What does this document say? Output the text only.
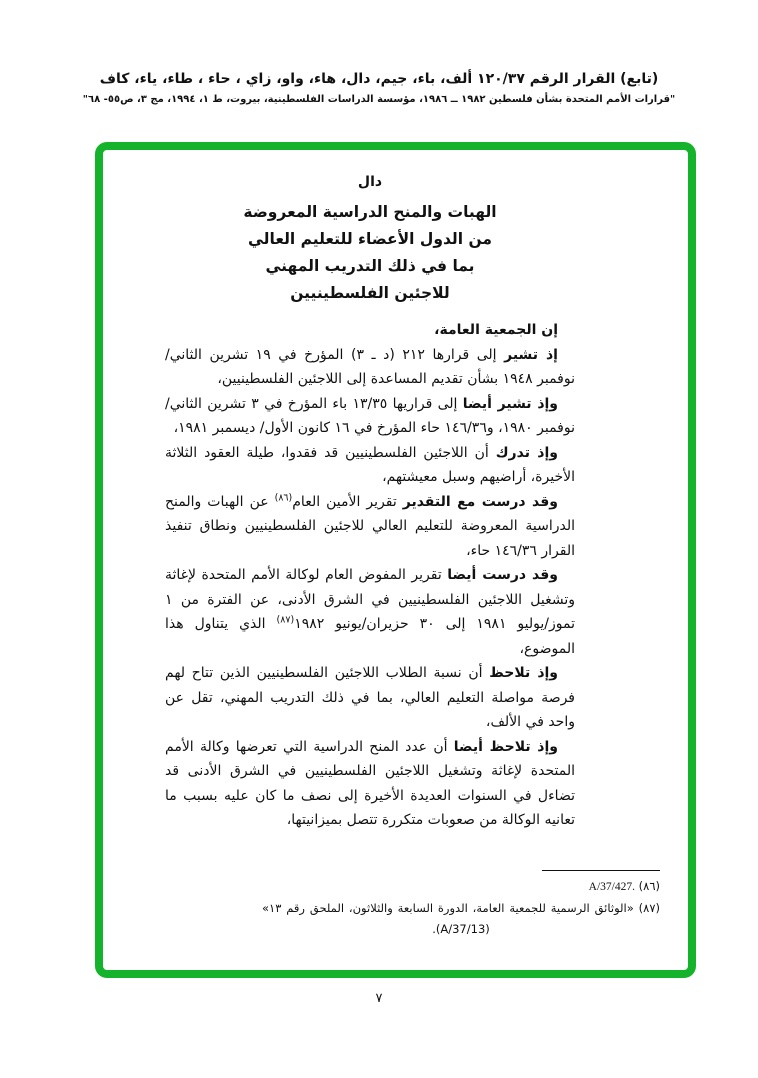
(تابع) القرار الرقم ١٢٠/٣٧ ألف، باء، جيم، دال، هاء، واو، زاي ، حاء ، طاء، ياء، كاف
"قرارات الأمم المتحدة بشأن فلسطين ١٩٨٢ ــ ١٩٨٦، مؤسسة الدراسات الفلسطينية، بيروت، ط ١، ١٩٩٤، مج ٣، ص٥٥- ٦٨"
دال
الهبات والمنح الدراسية المعروضة
من الدول الأعضاء للتعليم العالي
بما في ذلك التدريب المهني
للاجئين الفلسطينيين

إن الجمعية العامة،

إذ تشير إلى قرارها ٢١٢ (د ـ ٣) المؤرخ في ١٩ تشرين الثاني/ نوفمبر ١٩٤٨ بشأن تقديم المساعدة إلى اللاجئين الفلسطينيين،

وإذ تشير أيضا إلى قراريها ١٣/٣٥ باء المؤرخ في ٣ تشرين الثاني/ نوفمبر ١٩٨٠، و١٤٦/٣٦ حاء المؤرخ في ١٦ كانون الأول/ ديسمبر ١٩٨١،

وإذ تدرك أن اللاجئين الفلسطينيين قد فقدوا، طيلة العقود الثلاثة الأخيرة، أراضيهم وسبل معيشتهم،

وقد درست مع التقدير تقرير الأمين العام$^{(٨٦)}$ عن الهبات والمنح الدراسية المعروضة للتعليم العالي للاجئين الفلسطينيين ونطاق تنفيذ القرار ١٤٦/٣٦ حاء،

وقد درست أيضا تقرير المفوض العام لوكالة الأمم المتحدة لإغاثة وتشغيل اللاجئين الفلسطينيين في الشرق الأدنى، عن الفترة من ١ تموز/يوليو ١٩٨١ إلى ٣٠ حزيران/يونيو ١٩٨٢$^{(٨٧)}$ الذي يتناول هذا الموضوع،

وإذ تلاحظ أن نسبة الطلاب اللاجئين الفلسطينيين الذين تتاح لهم فرصة مواصلة التعليم العالي، بما في ذلك التدريب المهني، تقل عن واحد في الألف،

وإذ تلاحظ أيضا أن عدد المنح الدراسية التي تعرضها وكالة الأمم المتحدة لإغاثة وتشغيل اللاجئين الفلسطينيين في الشرق الأدنى قد تضاءل في السنوات العديدة الأخيرة إلى نصف ما كان عليه بسبب ما تعانيه الوكالة من صعوبات متكررة تتصل بميزانيتها،

(٨٦) A/37/427.
(٨٧) «الوثائق الرسمية للجمعية العامة، الدورة السابعة والثلاثون، الملحق رقم ١٣» (A/37/13).
٧
